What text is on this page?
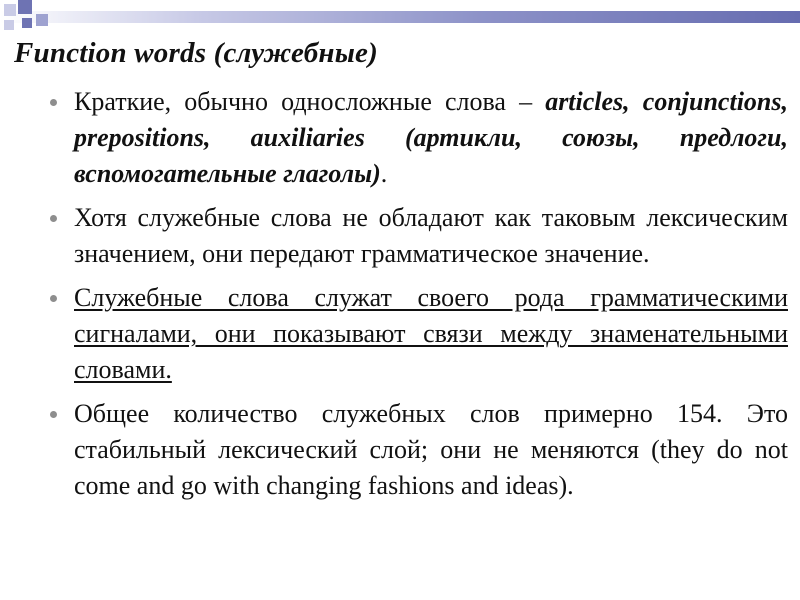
Function words (служебные)
Краткие, обычно односложные слова – articles, conjunctions, prepositions, auxiliaries (артикли, союзы, предлоги, вспомогательные глаголы).
Хотя служебные слова не обладают как таковым лексическим значением, они передают грамматическое значение.
Служебные слова служат своего рода грамматическими сигналами, они показывают связи между знаменательными словами.
Общее количество служебных слов примерно 154. Это стабильный лексический слой; они не меняются (they do not come and go with changing fashions and ideas).
